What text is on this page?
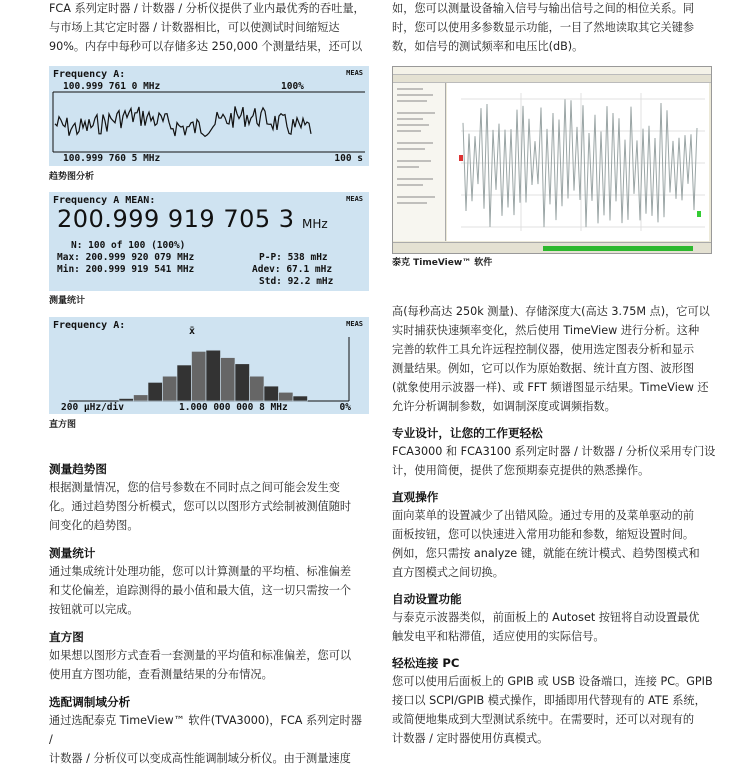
FCA 系列定时器 / 计数器 / 分析仪提供了业内最优秀的吞吐量，

与市场上其它定时器 / 计数器相比，可以使测试时间缩短达

90%。内存中每秒可以存储多达 250,000 个测量结果，还可以

Frequency A:	MEAS
100.999 761 0 MHz	100%
100.999 760 5 MHz	100 s
趋势图分析
Frequency A MEAN:	MEAS
200.999 919 705 3 MHz
N: 100 of 100 (100%)
Max: 200.999 920 079 MHz
Min: 200.999 919 541 MHz
P-P: 538 mHz
Adev: 67.1 mHz
Std: 92.2 mHz
测量统计
Frequency A:	MEAS
x̄
200 µHz/div	1.000 000 000 8 MHz	0%
直方图

测量趋势图

根据测量情况，您的信号参数在不同时点之间可能会发生变

化。通过趋势图分析模式，您可以以图形方式绘制被测值随时

间变化的趋势图。

测量统计

通过集成统计处理功能，您可以计算测量的平均植、标准偏差

和艾伦偏差，追踪测得的最小值和最大值，这一切只需按一个

按钮就可以完成。

直方图

如果想以图形方式查看一套测量的平均值和标准偏差，您可以

使用直方图功能，查看测量结果的分布情况。

选配调制域分析

通过选配泰克 TimeView™ 软件(TVA3000)，FCA 系列定时器 /

计数器 / 分析仪可以变成高性能调制域分析仪。由于测量速度

如，您可以测量设备输入信号与输出信号之间的相位关系。同

时，您可以使用多参数显示功能，一目了然地读取其它关键参

数，如信号的测试频率和电压比(dB)。

泰克 TimeView™ 软件

高(每秒高达 250k 测量)、存储深度大(高达 3.75M 点)，它可以

实时捕获快速频率变化，然后使用 TimeView 进行分析。这种

完善的软件工具允许远程控制仪器，使用选定图表分析和显示

测量结果。例如，它可以作为原始数据、统计直方图、波形图

(就象使用示波器一样)、或 FFT 频谱图显示结果。TimeView 还

允许分析调制参数，如调制深度或调频指数。

专业设计，让您的工作更轻松

FCA3000 和 FCA3100 系列定时器 / 计数器 / 分析仪采用专门设

计，使用简便，提供了您预期泰克提供的熟悉操作。

直观操作

面向菜单的设置减少了出错风险。通过专用的及菜单驱动的前

面板按钮，您可以快速进入常用功能和参数，缩短设置时间。

例如，您只需按 analyze 键，就能在统计模式、趋势图模式和

直方图模式之间切换。

自动设置功能

与泰克示波器类似，前面板上的 Autoset 按钮将自动设置最优

触发电平和粘滞值，适应使用的实际信号。

轻松连接 PC

您可以使用后面板上的 GPIB 或 USB 设备端口，连接 PC。GPIB

接口以 SCPI/GPIB 模式操作，即插即用代替现有的 ATE 系统，

或简便地集成到大型测试系统中。在需要时，还可以对现有的

计数器 / 定时器使用仿真模式。
